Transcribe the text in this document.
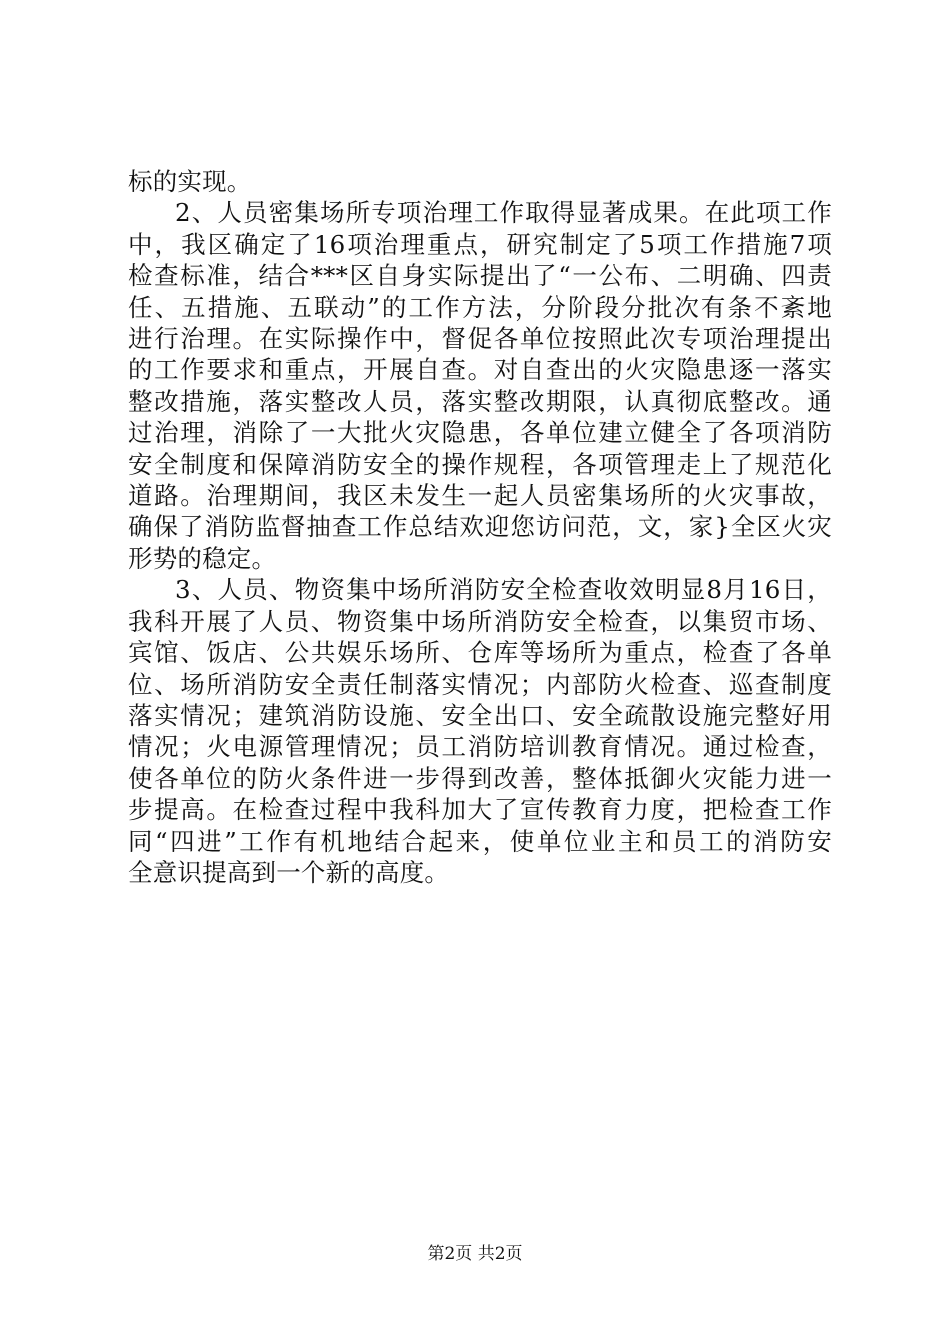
标的实现。
2、人员密集场所专项治理工作取得显著成果。在此项工作
中，我区确定了16项治理重点，研究制定了5项工作措施7项
检查标准，结合***区自身实际提出了“一公布、二明确、四责
任、五措施、五联动”的工作方法，分阶段分批次有条不紊地
进行治理。在实际操作中，督促各单位按照此次专项治理提出
的工作要求和重点，开展自查。对自查出的火灾隐患逐一落实
整改措施，落实整改人员，落实整改期限，认真彻底整改。通
过治理，消除了一大批火灾隐患，各单位建立健全了各项消防
安全制度和保障消防安全的操作规程，各项管理走上了规范化
道路。治理期间，我区未发生一起人员密集场所的火灾事故，
确保了消防监督抽查工作总结欢迎您访问范，文，家}全区火灾
形势的稳定。
3、人员、物资集中场所消防安全检查收效明显8月16日，
我科开展了人员、物资集中场所消防安全检查，以集贸市场、
宾馆、饭店、公共娱乐场所、仓库等场所为重点，检查了各单
位、场所消防安全责任制落实情况；内部防火检查、巡查制度
落实情况；建筑消防设施、安全出口、安全疏散设施完整好用
情况；火电源管理情况；员工消防培训教育情况。通过检查，
使各单位的防火条件进一步得到改善，整体抵御火灾能力进一
步提高。在检查过程中我科加大了宣传教育力度，把检查工作
同“四进”工作有机地结合起来，使单位业主和员工的消防安
全意识提高到一个新的高度。
第2页 共2页
